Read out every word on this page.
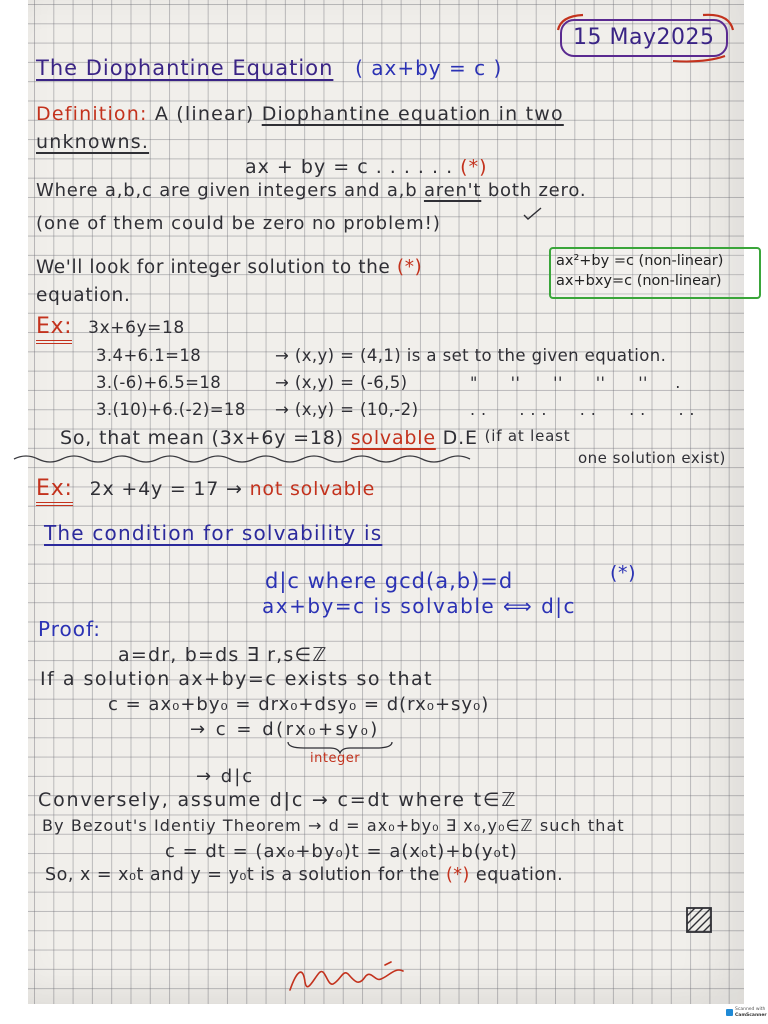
15 May2025
The Diophantine Equation ( ax+by = c )
Definition: A (linear) Diophantine equation in two
unknowns.
ax + by = c . . . . . . (*)
Where a,b,c are given integers and a,b aren't both zero.
(one of them could be zero no problem!)
We'll look for integer solution to the (*)
equation.
ax²+by =c (non-linear)
ax+bxy=c (non-linear)
Ex: 3x+6y=18
3.4+6.1=18	→ (x,y) = (4,1) is a set to the given equation.
3.(-6)+6.5=18	→ (x,y) = (-6,5)	"      ''      ''      ''      ''     .
3.(10)+6.(-2)=18 → (x,y) = (10,-2)	. .      . . .      . .      . .      . .
So, that mean (3x+6y =18) solvable D.E (if at least
one solution exist)
Ex: 2x +4y = 17 → not solvable
The condition for solvability is
d|c where gcd(a,b)=d	(*)
ax+by=c is solvable ⟺ d|c
Proof:
a=dr, b=ds ∃ r,s∈ℤ
If a solution ax+by=c exists so that
c = ax₀+by₀ = drx₀+dsy₀ = d(rx₀+sy₀)
→ c = d(rx₀+sy₀)
integer
→ d|c
Conversely, assume d|c → c=dt where t∈ℤ
By Bezout's Identiy Theorem → d = ax₀+by₀ ∃ x₀,y₀∈ℤ such that
c = dt = (ax₀+by₀)t = a(x₀t)+b(y₀t)
So, x = x₀t and y = y₀t is a solution for the (*) equation.
Scanned with
CamScanner
